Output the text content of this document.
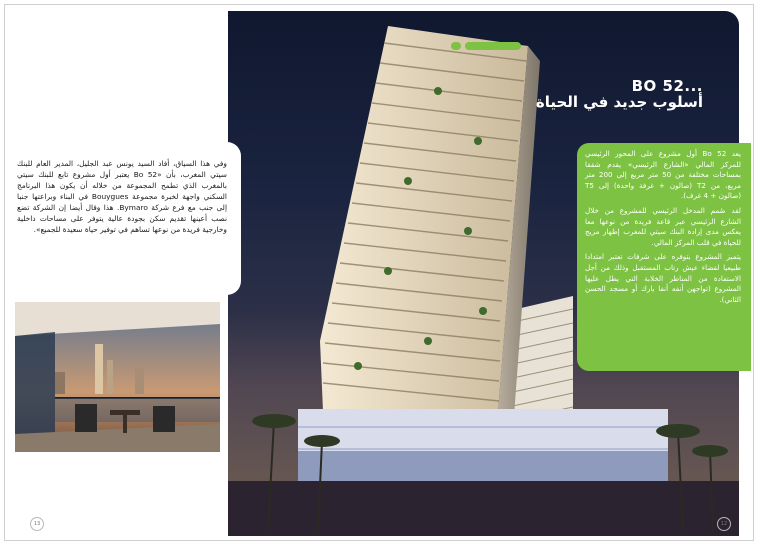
BO 52...
أسلوب جديد في الحياة

يعد Bo 52 أول مشروع على المحور الرئيسي للمركز المالي «الشارع الرئيسي» يقدم شققا بمساحات مختلفة من 50 متر مربع إلى 200 متر مربع، من T2 (صالون + غرفة واحدة) إلى T5 (صالون + 4 غرف).

لقد صُمم المدخل الرئيسي للمشروع من خلال الشارع الرئيسي عبر قاعة فريدة من نوعها معا يعكس مدى إرادة البنك سيتي للمغرب إظهار مزيج للحياة في قلب المركز المالي.

يتميز المشروع بتوفره على شرفات تعتبر امتدادا طبيعيا لفضاء عيش رتاب المستقبل وذلك من أجل الاستفادة من المناظر الخلابة التي يطل عليها المشروع (تواجهن أنفه أنفا بارك أو مسجد الحسن الثاني).

وفي هذا السياق، أفاد السيد يونس عبد الجليل، المدير العام للبنك سيتي المغرب، بأن «Bo 52 يعتبر أول مشروع تابع للبنك سيتي بالمغرب الذي تطمح المجموعة من خلاله أن يكون هذا البرنامج السكني واجهة لخبرة مجموعة Bouygues في البناء وبراعتها جنبا إلى جنب مع فرع شركة Bymaro. هذا وقال أيضا إن الشركة تضع نصب أعينها تقديم سكن بجودة عالية يتوفر على مساحات داخلية وخارجية فريدة من نوعها تساهم في توفير حياة سعيدة للجميع».

13	12
